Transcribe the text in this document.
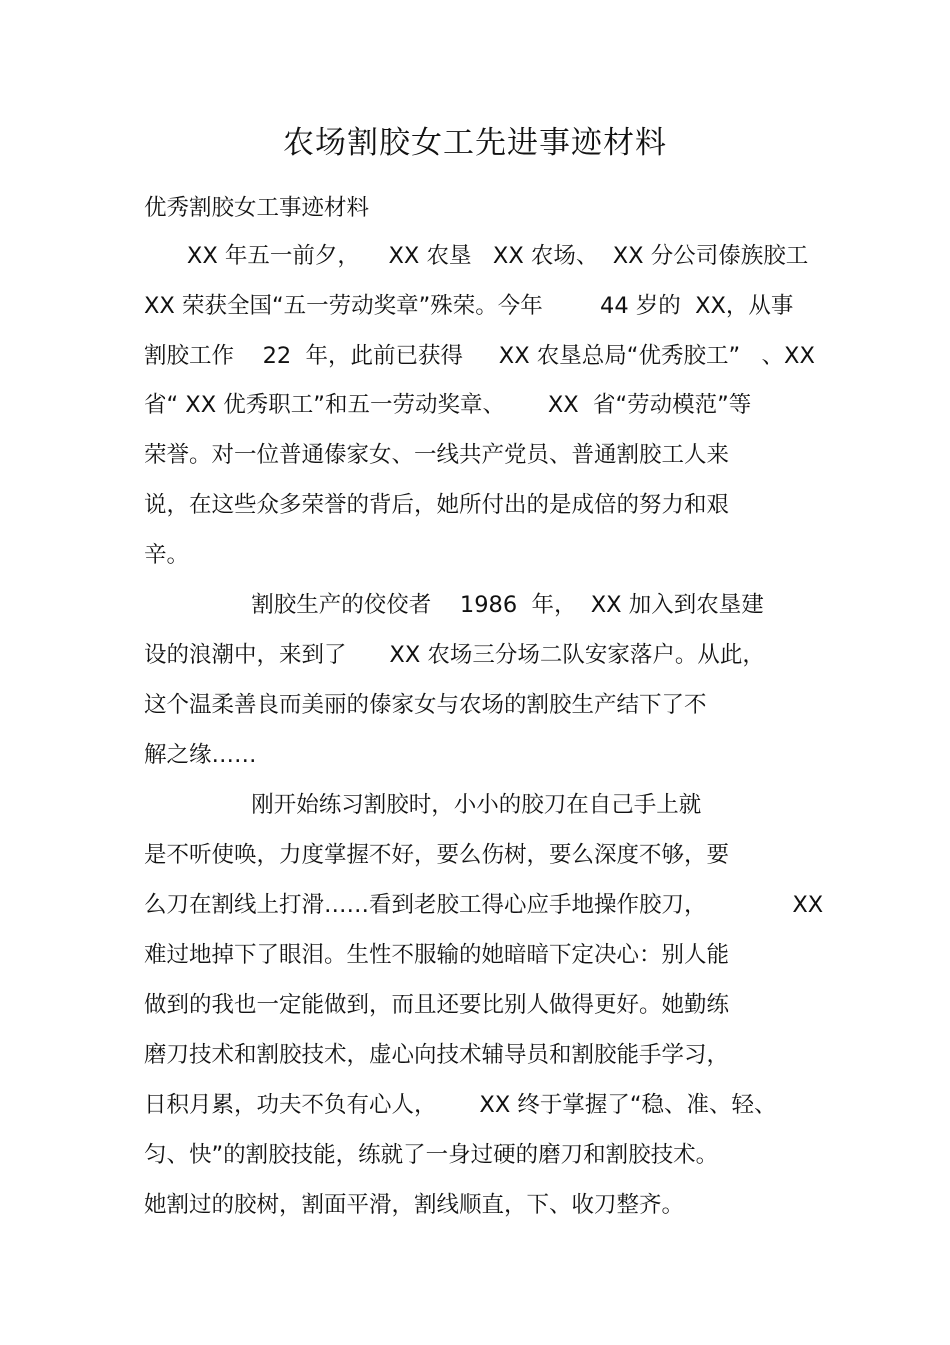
农场割胶女工先进事迹材料

优秀割胶女工事迹材料

XX 年五一前夕，    XX 农垦   XX 农场、  XX 分公司傣族胶工

XX 荣获全国“五一劳动奖章”殊荣。今年        44 岁的  XX，从事

割胶工作    22  年，此前已获得     XX 农垦总局“优秀胶工”   、XX

省“ XX 优秀职工”和五一劳动奖章、      XX  省“劳动模范”等

荣誉。对一位普通傣家女、一线共产党员、普通割胶工人来

说，在这些众多荣誉的背后，她所付出的是成倍的努力和艰

辛。

割胶生产的佼佼者    1986  年，  XX 加入到农垦建

设的浪潮中，来到了      XX 农场三分场二队安家落户。从此，

这个温柔善良而美丽的傣家女与农场的割胶生产结下了不

解之缘……

刚开始练习割胶时，小小的胶刀在自己手上就

是不听使唤，力度掌握不好，要么伤树，要么深度不够，要

么刀在割线上打滑……看到老胶工得心应手地操作胶刀，            XX

难过地掉下了眼泪。生性不服输的她暗暗下定决心：别人能

做到的我也一定能做到，而且还要比别人做得更好。她勤练

磨刀技术和割胶技术，虚心向技术辅导员和割胶能手学习，

日积月累，功夫不负有心人，      XX 终于掌握了“稳、准、轻、

匀、快”的割胶技能，练就了一身过硬的磨刀和割胶技术。

她割过的胶树，割面平滑，割线顺直，下、收刀整齐。
